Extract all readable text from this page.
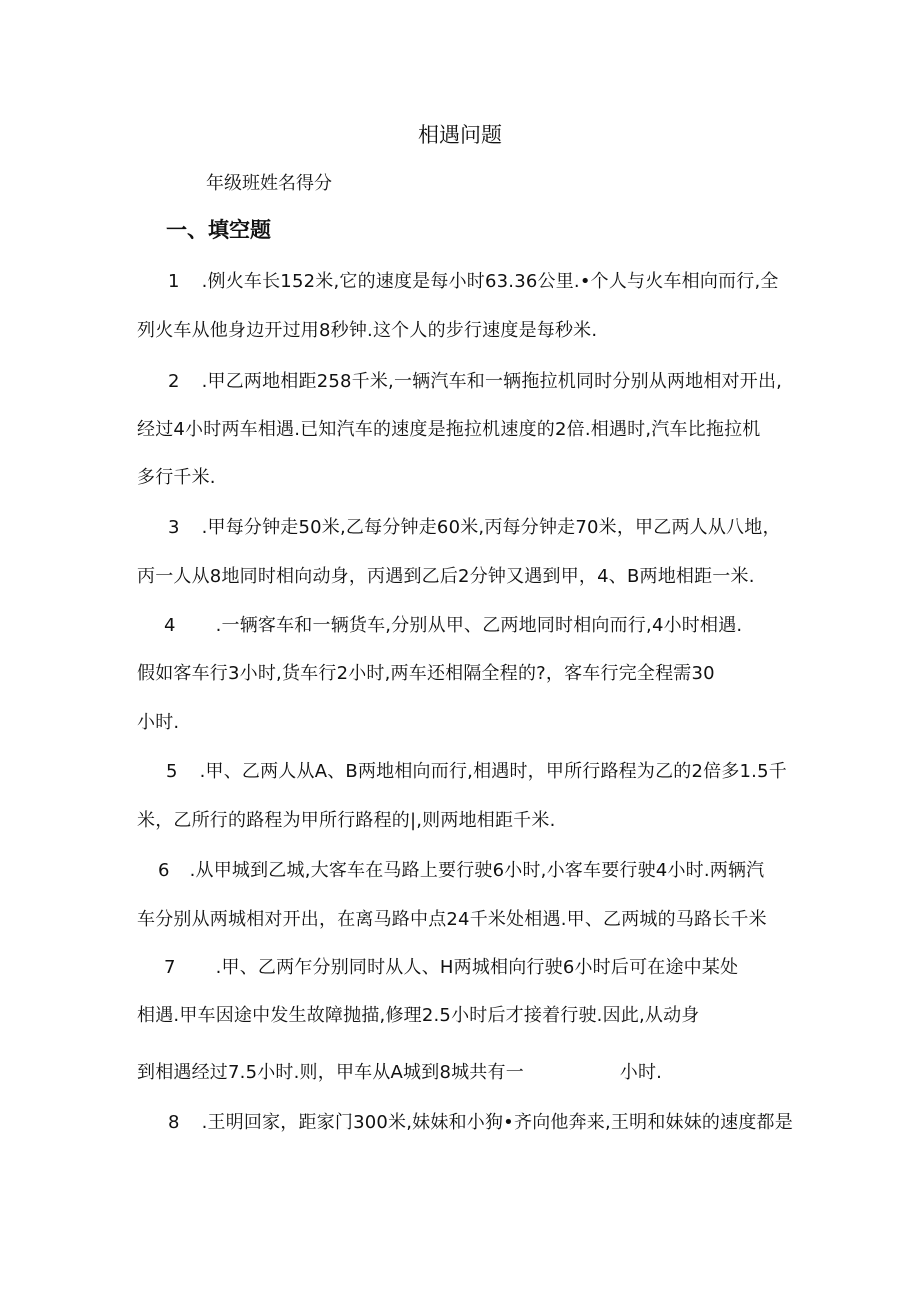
相遇问题
年级班姓名得分
一、填空题
1 .例火车长152米,它的速度是每小时63.36公里.•个人与火车相向而行,全
列火车从他身边开过用8秒钟.这个人的步行速度是每秒米.
2 .甲乙两地相距258千米,一辆汽车和一辆拖拉机同时分别从两地相对开出,
经过4小时两车相遇.已知汽车的速度是拖拉机速度的2倍.相遇时,汽车比拖拉机
多行千米.
3 .甲每分钟走50米,乙每分钟走60米,丙每分钟走70米，甲乙两人从八地，
丙一人从8地同时相向动身，丙遇到乙后2分钟又遇到甲，4、B两地相距一米.
4 .一辆客车和一辆货车,分别从甲、乙两地同时相向而行,4小时相遇.
假如客车行3小时,货车行2小时,两车还相隔全程的?，客车行完全程需30
小时.
5 .甲、乙两人从A、B两地相向而行,相遇时，甲所行路程为乙的2倍多1.5千
米，乙所行的路程为甲所行路程的|,则两地相距千米.
6 .从甲城到乙城,大客车在马路上要行驶6小时,小客车要行驶4小时.两辆汽
车分别从两城相对开出，在离马路中点24千米处相遇.甲、乙两城的马路长千米
7 .甲、乙两乍分别同时从人、H两城相向行驶6小时后可在途中某处
相遇.甲车因途中发生故障抛描,修理2.5小时后才接着行驶.因此,从动身
到相遇经过7.5小时.则，甲车从A城到8城共有一	小时.
8 .王明回家，距家门300米,妹妹和小狗•齐向他奔来,王明和妹妹的速度都是
